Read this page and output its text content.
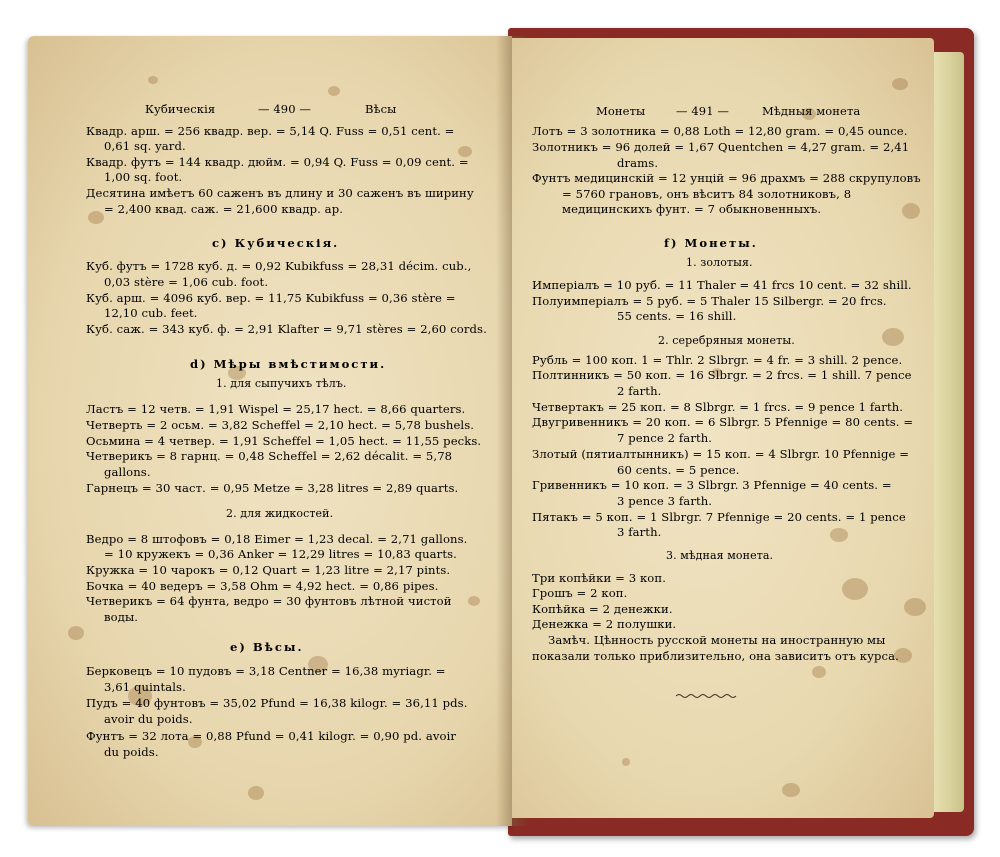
Кубическія	— 490 —	Вѣсы
Квадр. арш. = 256 квадр. вер. = 5,14 Q. Fuss = 0,51 cent. =
0,61 sq. yard.
Квадр. футъ = 144 квадр. дюйм. = 0,94 Q. Fuss = 0,09 cent. =
1,00 sq. foot.
Десятина имѣетъ 60 саженъ въ длину и 30 саженъ въ ширину
= 2,400 квад. саж. = 21,600 квадр. ар.
c) Кубическія.
Куб. футъ = 1728 куб. д. = 0,92 Kubikfuss = 28,31 décim. cub.,
0,03 stère = 1,06 cub. foot.
Куб. арш. = 4096 куб. вер. = 11,75 Kubikfuss = 0,36 stère =
12,10 cub. feet.
Куб. саж. = 343 куб. ф. = 2,91 Klafter = 9,71 stères = 2,60 cords.
d) Мѣры вмѣстимости.
1. для сыпучихъ тѣлъ.
Ластъ = 12 четв. = 1,91 Wispel = 25,17 hect. = 8,66 quarters.
Четверть = 2 осьм. = 3,82 Scheffel = 2,10 hect. = 5,78 bushels.
Осьмина = 4 четвер. = 1,91 Scheffel = 1,05 hect. = 11,55 pecks.
Четверикъ = 8 гарнц. = 0,48 Scheffel = 2,62 décalit. = 5,78
gallons.
Гарнецъ = 30 част. = 0,95 Metze = 3,28 litres = 2,89 quarts.
2. для жидкостей.
Ведро = 8 штофовъ = 0,18 Eimer = 1,23 decal. = 2,71 gallons.
= 10 кружекъ = 0,36 Anker = 12,29 litres = 10,83 quarts.
Кружка = 10 чарокъ = 0,12 Quart = 1,23 litre = 2,17 pints.
Бочка = 40 ведеръ = 3,58 Ohm = 4,92 hect. = 0,86 pipes.
Четверикъ = 64 фунта, ведро = 30 фунтовъ лѣтной чистой
воды.
e) Вѣсы.
Берковецъ = 10 пудовъ = 3,18 Centner = 16,38 myriagr. =
3,61 quintals.
Пудъ = 40 фунтовъ = 35,02 Pfund = 16,38 kilogr. = 36,11 pds.
avoir du poids.
Фунтъ = 32 лота = 0,88 Pfund = 0,41 kilogr. = 0,90 pd. avoir
du poids.
Монеты	— 491 —	Мѣдныя монета
Лотъ = 3 золотника = 0,88 Loth = 12,80 gram. = 0,45 ounce.
Золотникъ = 96 долей = 1,67 Quentchen = 4,27 gram. = 2,41
drams.
Фунтъ медицинскій = 12 унцій = 96 драхмъ = 288 скрупуловъ
= 5760 грановъ, онъ вѣситъ 84 золотниковъ, 8
медицинскихъ фунт. = 7 обыкновенныхъ.
f) Монеты.
1. золотыя.
Имперіалъ = 10 руб. = 11 Thaler = 41 frcs 10 cent. = 32 shill.
Полуимперіалъ = 5 руб. = 5 Thaler 15 Silbergr. = 20 frcs.
55 cents. = 16 shill.
2. серебряныя монеты.
Рубль = 100 коп. 1 = Thlr. 2 Slbrgr. = 4 fr. = 3 shill. 2 pence.
Полтинникъ = 50 коп. = 16 Slbrgr. = 2 frcs. = 1 shill. 7 pence
2 farth.
Четвертакъ = 25 коп. = 8 Slbrgr. = 1 frcs. = 9 pence 1 farth.
Двугривенникъ = 20 коп. = 6 Slbrgr. 5 Pfennige = 80 cents. =
7 pence 2 farth.
Злотый (пятиалтынникъ) = 15 коп. = 4 Slbrgr. 10 Pfennige =
60 cents. = 5 pence.
Гривенникъ = 10 коп. = 3 Slbrgr. 3 Pfennige = 40 cents. =
3 pence 3 farth.
Пятакъ = 5 коп. = 1 Slbrgr. 7 Pfennige = 20 cents. = 1 pence
3 farth.
3. мѣдная монета.
Три копѣйки = 3 коп.
Грошъ = 2 коп.
Копѣйка = 2 денежки.
Денежка = 2 полушки.
Замѣч. Цѣнность русской монеты на иностранную мы
показали только приблизительно, она зависитъ отъ курса.
